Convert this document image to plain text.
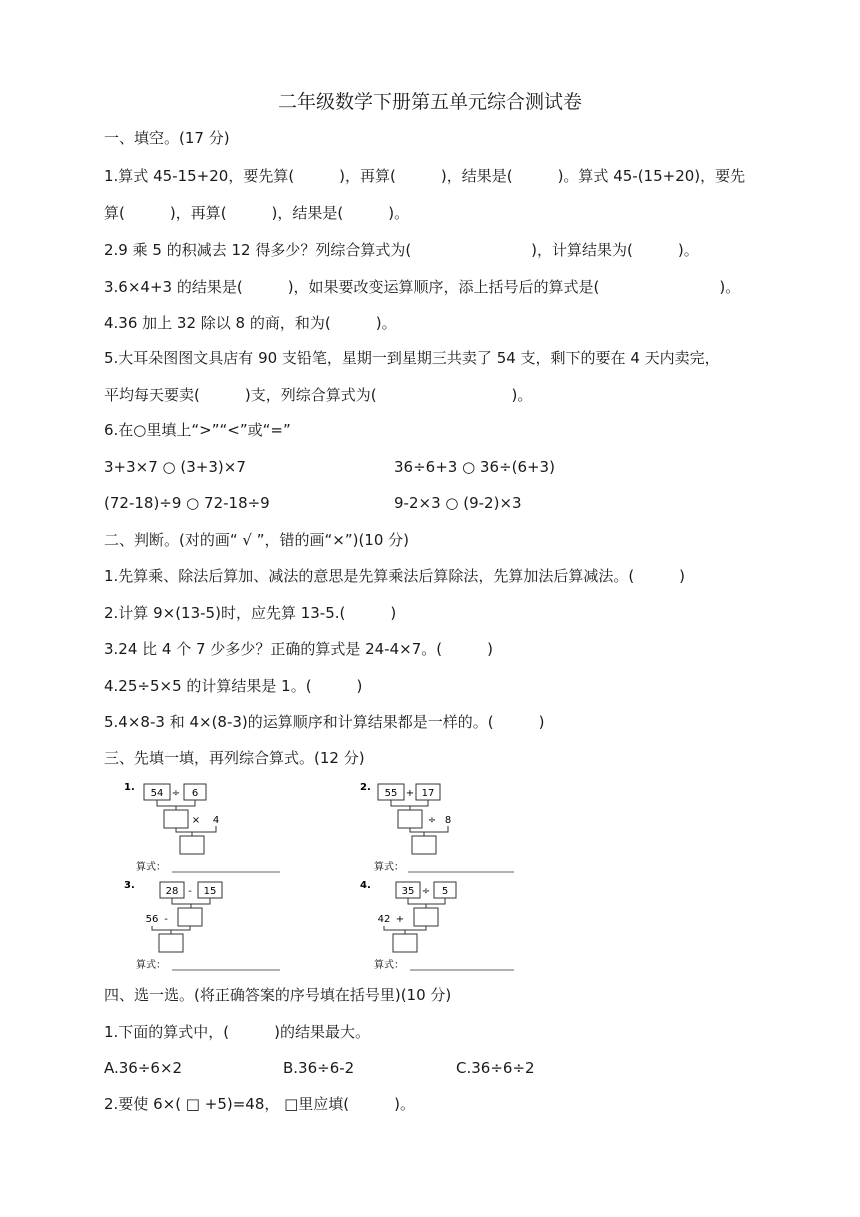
二年级数学下册第五单元综合测试卷
一、填空。(17 分)
1.算式 45-15+20，要先算(　　　)，再算(　　　)，结果是(　　　)。算式 45-(15+20)，要先
算(　　　)，再算(　　　)，结果是(　　　)。
2.9 乘 5 的积减去 12 得多少？列综合算式为(　　　　　　　　)，计算结果为(　　　)。
3.6×4+3 的结果是(　　　)，如果要改变运算顺序，添上括号后的算式是(　　　　　　　　)。
4.36 加上 32 除以 8 的商，和为(　　　)。
5.大耳朵图图文具店有 90 支铅笔，星期一到星期三共卖了 54 支，剩下的要在 4 天内卖完，
平均每天要卖(　　　)支，列综合算式为(　　　　　　　　　)。
6.在○里填上“>”“<”或“=”
3+3×7 ○ (3+3)×7	36÷6+3 ○ 36÷(6+3)
(72-18)÷9 ○ 72-18÷9	9-2×3 ○ (9-2)×3
二、判断。(对的画“ √ ”，错的画“×”)(10 分)
1.先算乘、除法后算加、减法的意思是先算乘法后算除法，先算加法后算减法。(　　　)
2.计算 9×(13-5)时，应先算 13-5.(　　　)
3.24 比 4 个 7 少多少？正确的算式是 24-4×7。(　　　)
4.25÷5×5 的计算结果是 1。(　　　)
5.4×8-3 和 4×(8-3)的运算顺序和计算结果都是一样的。(　　　)
三、先填一填，再列综合算式。(12 分)
1.
54 ÷ 6
× 4
算式：
2.
55 + 17
÷ 8
算式：
3.
28 - 15
56 -
算式：
4.
35 ÷ 5
42 +
算式：
四、选一选。(将正确答案的序号填在括号里)(10 分)
1.下面的算式中，(　　　)的结果最大。
A.36÷6×2	B.36÷6-2	C.36÷6÷2
2.要使 6×( □ +5)=48， □里应填(　　　)。
